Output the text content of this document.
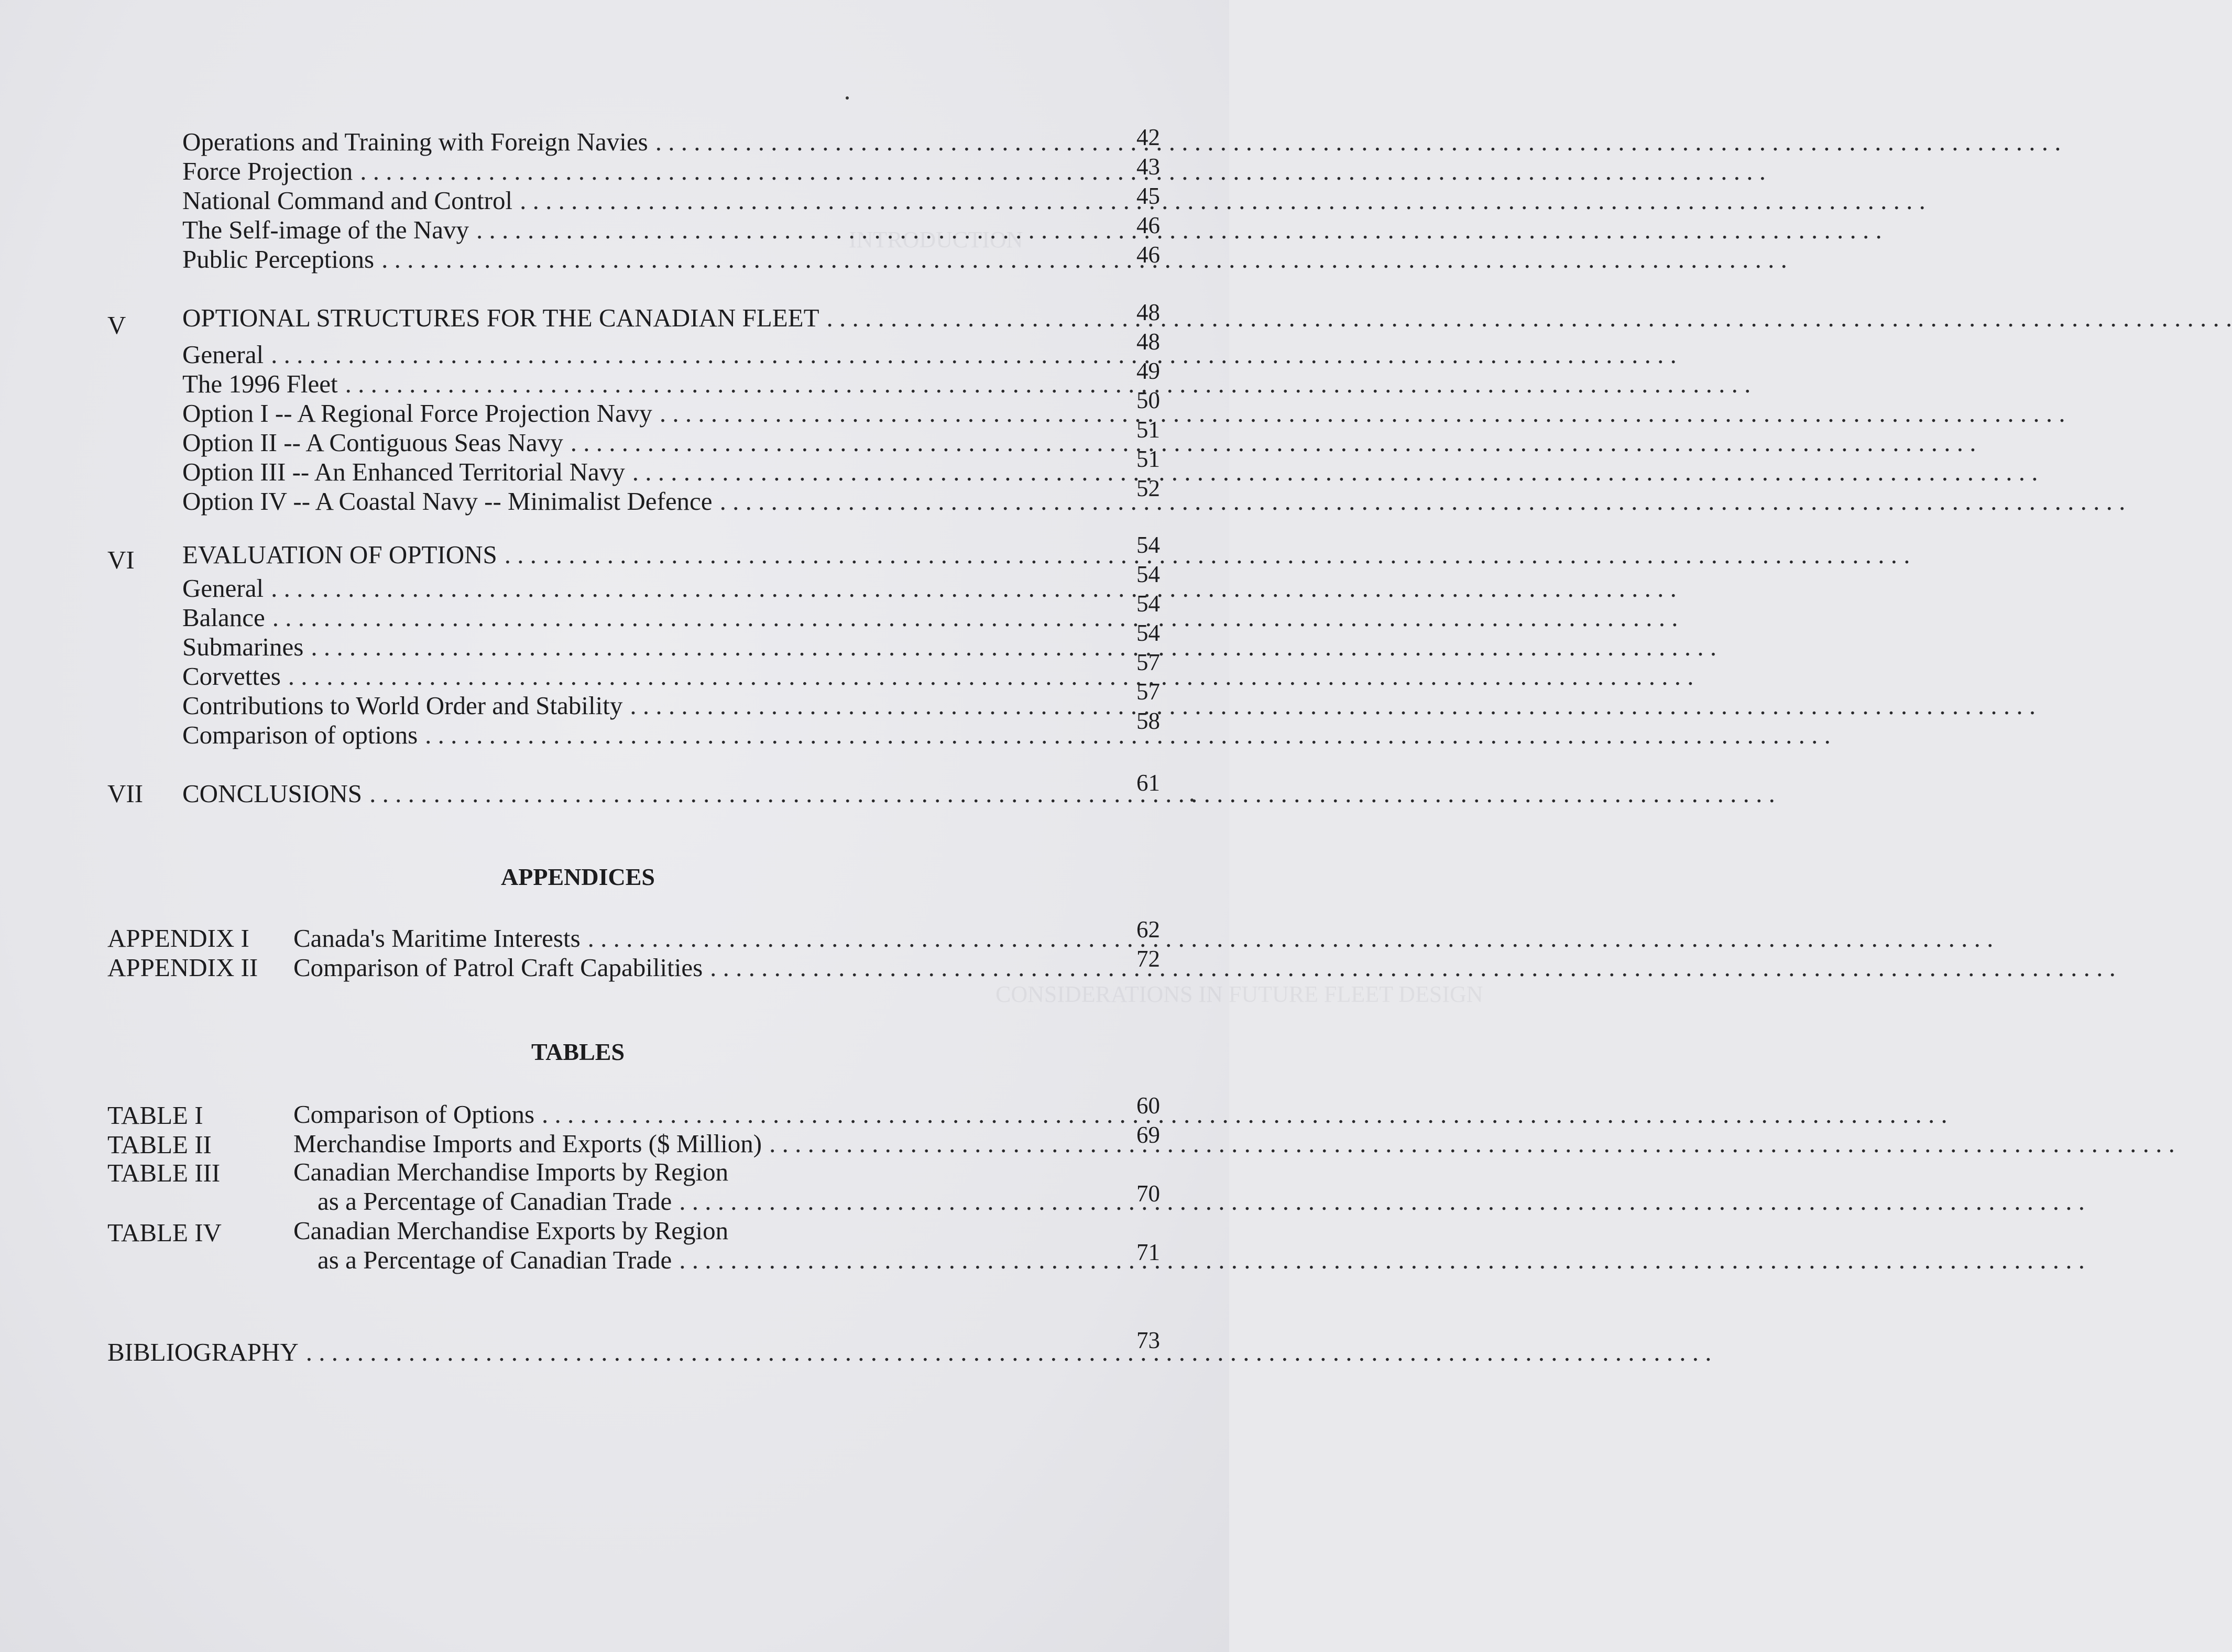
INTRODUCTION
CONSIDERATIONS IN FUTURE FLEET DESIGN
Operations and Training with Foreign Navies . . .	42
Force Projection . . .	43
National Command and Control . . .	45
The Self-image of the Navy . . .	46
Public Perceptions . . .	46
V OPTIONAL STRUCTURES FOR THE CANADIAN FLEET . . .	48
General . . .	48
The 1996 Fleet . . .	49
Option I -- A Regional Force Projection Navy . . .	50
Option II -- A Contiguous Seas Navy . . .	51
Option III -- An Enhanced Territorial Navy . . .	51
Option IV -- A Coastal Navy -- Minimalist Defence . . .	52
VI EVALUATION OF OPTIONS . . .	54
General . . .	54
Balance . . .	54
Submarines . . .	54
Corvettes . . .	57
Contributions to World Order and Stability . . .	57
Comparison of options . . .	58
VII CONCLUSIONS . . .	61
APPENDICES
APPENDIX I Canada's Maritime Interests . . .	62
APPENDIX II Comparison of Patrol Craft Capabilities . . .	72
TABLES
TABLE I	Comparison of Options . . .	60
TABLE II	Merchandise Imports and Exports ($ Million) . . .	69
TABLE III	Canadian Merchandise Imports by Region
as a Percentage of Canadian Trade . . .	70
TABLE IV	Canadian Merchandise Exports by Region
as a Percentage of Canadian Trade . . .	71
BIBLIOGRAPHY . . .	73
